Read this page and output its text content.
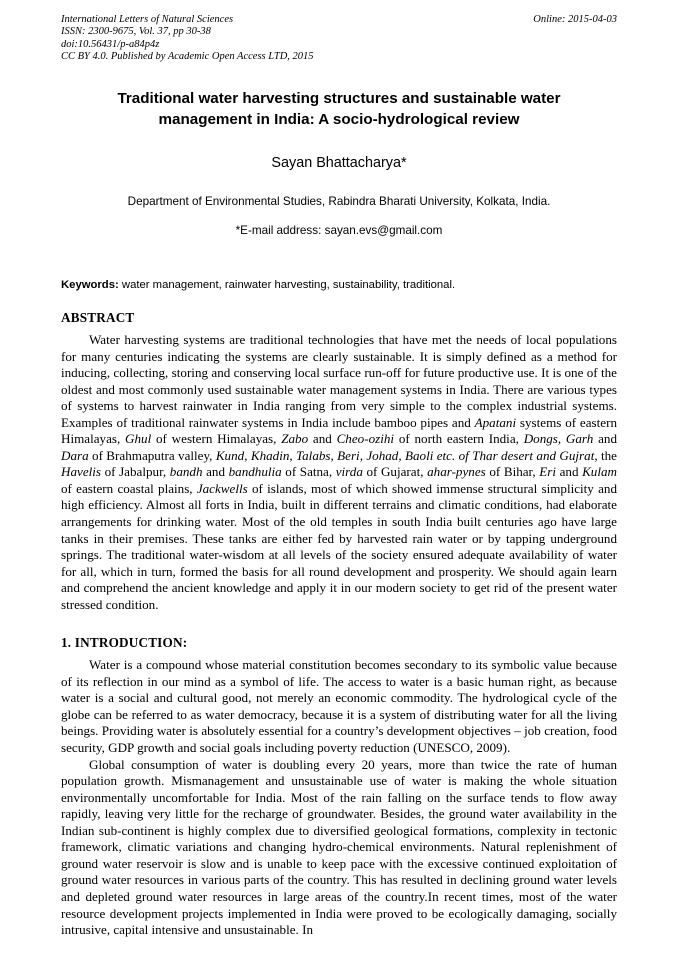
International Letters of Natural Sciences
ISSN: 2300-9675, Vol. 37, pp 30-38
doi:10.56431/p-a84p4z
CC BY 4.0. Published by Academic Open Access LTD, 2015
Online: 2015-04-03
Traditional water harvesting structures and sustainable water management in India: A socio-hydrological review
Sayan Bhattacharya*
Department of Environmental Studies, Rabindra Bharati University, Kolkata, India.
*E-mail address: sayan.evs@gmail.com
Keywords: water management, rainwater harvesting, sustainability, traditional.
ABSTRACT

Water harvesting systems are traditional technologies that have met the needs of local populations for many centuries indicating the systems are clearly sustainable. It is simply defined as a method for inducing, collecting, storing and conserving local surface run-off for future productive use. It is one of the oldest and most commonly used sustainable water management systems in India. There are various types of systems to harvest rainwater in India ranging from very simple to the complex industrial systems. Examples of traditional rainwater systems in India include bamboo pipes and Apatani systems of eastern Himalayas, Ghul of western Himalayas, Zabo and Cheo-ozihi of north eastern India, Dongs, Garh and Dara of Brahmaputra valley, Kund, Khadin, Talabs, Beri, Johad, Baoli etc. of Thar desert and Gujrat, the Havelis of Jabalpur, bandh and bandhulia of Satna, virda of Gujarat, ahar-pynes of Bihar, Eri and Kulam of eastern coastal plains, Jackwells of islands, most of which showed immense structural simplicity and high efficiency. Almost all forts in India, built in different terrains and climatic conditions, had elaborate arrangements for drinking water. Most of the old temples in south India built centuries ago have large tanks in their premises. These tanks are either fed by harvested rain water or by tapping underground springs. The traditional water-wisdom at all levels of the society ensured adequate availability of water for all, which in turn, formed the basis for all round development and prosperity. We should again learn and comprehend the ancient knowledge and apply it in our modern society to get rid of the present water stressed condition.

1. INTRODUCTION:

Water is a compound whose material constitution becomes secondary to its symbolic value because of its reflection in our mind as a symbol of life. The access to water is a basic human right, as because water is a social and cultural good, not merely an economic commodity. The hydrological cycle of the globe can be referred to as water democracy, because it is a system of distributing water for all the living beings. Providing water is absolutely essential for a country’s development objectives – job creation, food security, GDP growth and social goals including poverty reduction (UNESCO, 2009).

Global consumption of water is doubling every 20 years, more than twice the rate of human population growth. Mismanagement and unsustainable use of water is making the whole situation environmentally uncomfortable for India. Most of the rain falling on the surface tends to flow away rapidly, leaving very little for the recharge of groundwater. Besides, the ground water availability in the Indian sub-continent is highly complex due to diversified geological formations, complexity in tectonic framework, climatic variations and changing hydro-chemical environments. Natural replenishment of ground water reservoir is slow and is unable to keep pace with the excessive continued exploitation of ground water resources in various parts of the country. This has resulted in declining ground water levels and depleted ground water resources in large areas of the country.In recent times, most of the water resource development projects implemented in India were proved to be ecologically damaging, socially intrusive, capital intensive and unsustainable. In
